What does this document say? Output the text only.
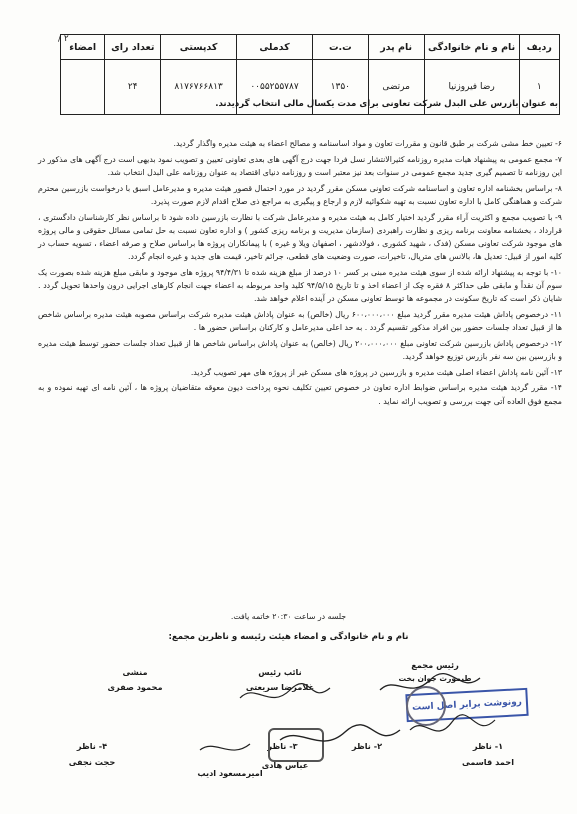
۲ /
ردیف	نام و نام خانوادگی	نام پدر	ت.ت	کدملی	کدپستی	تعداد رای	امضاء
۱	رضا فیروزنیا	مرتضی	۱۳۵۰	۰۰۵۵۲۵۵۷۸۷	۸۱۷۶۷۶۶۸۱۳	۲۴	
به عنوان بازرس علی البدل شرکت تعاونی برای مدت یکسال مالی انتخاب گردیدند.

۶- تعیین خط مشی شرکت بر طبق قانون و مقررات تعاون و مواد اساسنامه و مصالح اعضاء به هیئت مدیره واگذار گردید.

۷- مجمع عمومی به پیشنهاد هیات مدیره روزنامه کثیرالانتشار نسل فردا جهت درج آگهی های بعدی تعاونی تعیین و تصویب نمود بدیهی است درج آگهی های مذکور در این روزنامه تا تصمیم گیری جدید مجمع عمومی در سنوات بعد نیز معتبر است و روزنامه دنیای اقتصاد به عنوان روزنامه علی البدل انتخاب شد.

۸- براساس بخشنامه اداره تعاون و اساسنامه شرکت تعاونی مسکن مقرر گردید در مورد احتمال قصور هیئت مدیره و مدیرعامل اسبق با درخواست بازرسین محترم شرکت و هماهنگی کامل با اداره تعاون نسبت به تهیه شکوائیه لازم و ارجاع و پیگیری به مراجع ذی صلاح اقدام لازم صورت پذیرد.

۹- با تصویب مجمع و اکثریت آراء مقرر گردید اختیار کامل به هیئت مدیره و مدیرعامل شرکت با نظارت بازرسین داده شود تا براساس نظر کارشناسان دادگستری ، قرارداد ، بخشنامه معاونت برنامه ریزی و نظارت راهبردی (سازمان مدیریت و برنامه ریزی کشور ) و اداره تعاون نسبت به حل تمامی مسائل حقوقی و مالی پروژه های موجود شرکت تعاونی مسکن (فدک ، شهید کشوری ، فولادشهر ، اصفهان ویلا و غیره ) با پیمانکاران پروژه ها براساس صلاح و صرفه اعضاء ، تسویه حساب در کلیه امور از قبیل: تعدیل ها، بالانس های متریال، تاخیرات، صورت وضعیت های قطعی، جرائم تاخیر، قیمت های جدید و غیره انجام گردد.

۱۰- با توجه به پیشنهاد ارائه شده از سوی هیئت مدیره مبنی بر کسر ۱۰ درصد از مبلغ هزینه شده تا ۹۴/۴/۳۱ پروژه های موجود و مابقی مبلغ هزینه شده بصورت یک سوم آن نقداً و مابقی طی حداکثر ۸ فقره چک از اعضاء اخذ و تا تاریخ ۹۴/۵/۱۵ کلید واحد مربوطه به اعضاء جهت انجام کارهای اجرایی درون واحدها تحویل گردد . شایان ذکر است که تاریخ سکونت در مجموعه ها توسط تعاونی مسکن در آینده اعلام خواهد شد.

۱۱- درخصوص پاداش هیئت مدیره مقرر گردید مبلغ ۶۰۰،۰۰۰،۰۰۰ ریال (خالص) به عنوان پاداش هیئت مدیره شرکت براساس مصوبه هیئت مدیره براساس شاخص ها از قبیل تعداد جلسات حضور بین افراد مذکور تقسیم گردد . به حد اعلی مدیرعامل و کارکنان براساس حضور ها .

۱۲- درخصوص پاداش بازرسین شرکت تعاونی مبلغ ۲۰۰،۰۰۰،۰۰۰ ریال (خالص) به عنوان پاداش براساس شاخص ها از قبیل تعداد جلسات حضور توسط هیئت مدیره و بازرسین بین سه نفر بازرس توزیع خواهد گردید.

۱۳- آئین نامه پاداش اعضاء اصلی هیئت مدیره و بازرسین در پروژه های مسکن غیر از پروژه های مهر تصویب گردید.

۱۴- مقرر گردید هیئت مدیره براساس ضوابط اداره تعاون در خصوص تعیین تکلیف نحوه پرداخت دیون معوقه متقاضیان پروژه ها ، آئین نامه ای تهیه نموده و به مجمع فوق العاده آتی جهت بررسی و تصویب ارائه نماید .

جلسه در ساعت ۲۰:۳۰ خاتمه یافت.
نام و نام خانوادگی و امضاء هیئت رئیسه و ناظرین مجمع:
رئیس مجمع
طیمورث جوان بخت
نائب رئیس
غلامرضا سریعتی
منشی
محمود صفری
۱- ناظر
احمد قاسمی
۲- ناظر
۳- ناظر
عباس هادی
امیرمسعود ادیب
۴- ناظر
حجت نجفی
رونوشت برابر اصل است
